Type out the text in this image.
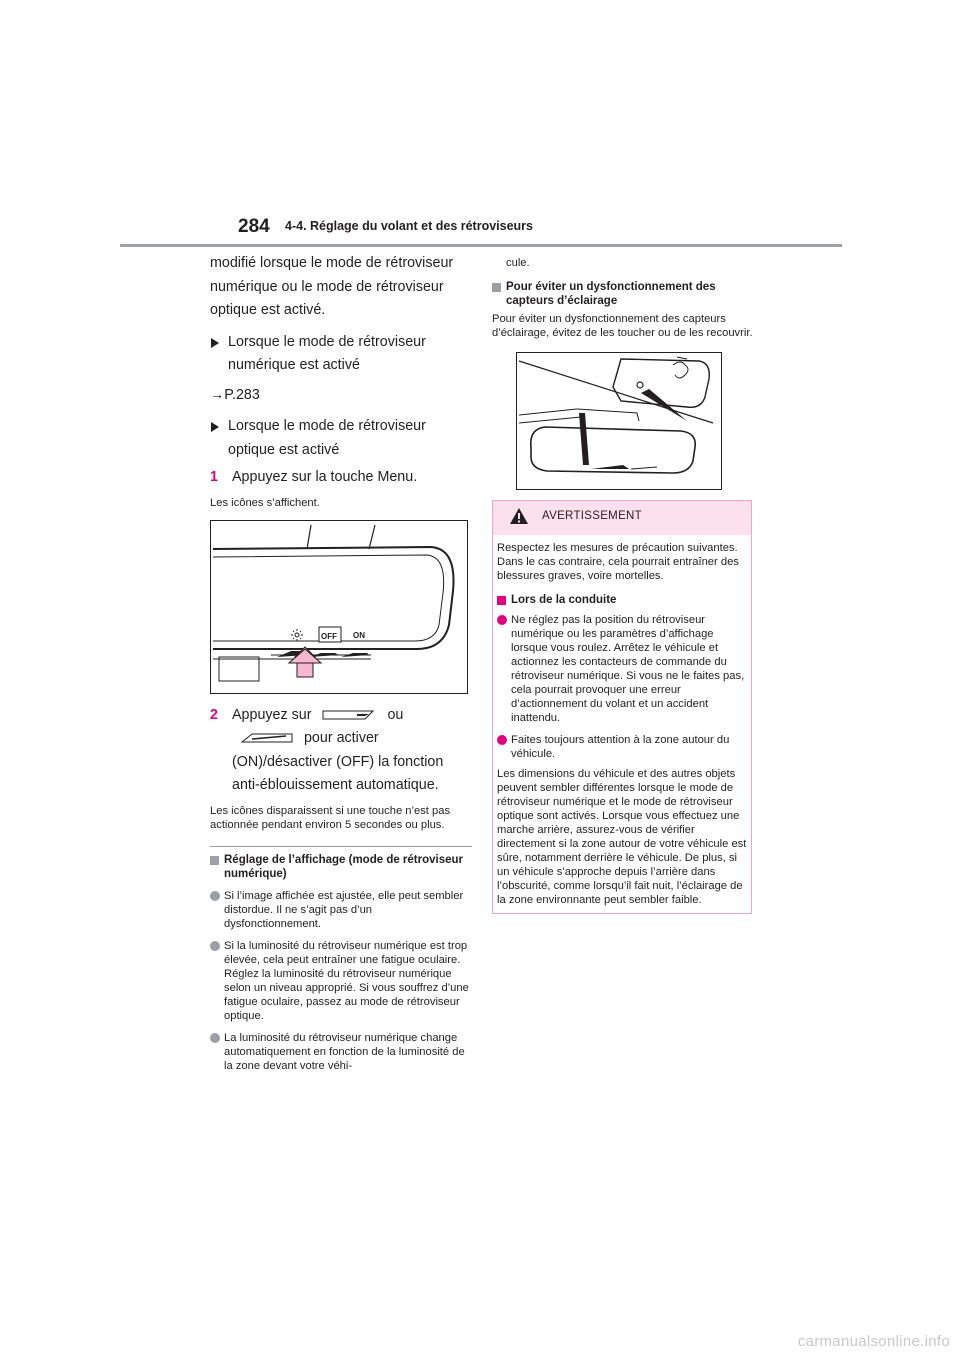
284 4-4. Réglage du volant et des rétroviseurs

modifié lorsque le mode de rétroviseur numérique ou le mode de rétroviseur optique est activé.

Lorsque le mode de rétroviseur numérique est activé

→P.283

Lorsque le mode de rétroviseur optique est activé
1 Appuyez sur la touche Menu.

Les icônes s’affichent.

OFF ON
2 Appuyez sur	ou  pour activer (ON)/désactiver (OFF) la fonction anti-éblouissement automatique.

Les icônes disparaissent si une touche n’est pas actionnée pendant environ 5 secondes ou plus.

Réglage de l’affichage (mode de rétroviseur numérique)
Si l’image affichée est ajustée, elle peut sembler distordue. Il ne s’agit pas d’un dysfonctionnement.
Si la luminosité du rétroviseur numérique est trop élevée, cela peut entraîner une fatigue oculaire. Réglez la luminosité du rétroviseur numérique selon un niveau approprié. Si vous souffrez d’une fatigue oculaire, passez au mode de rétroviseur optique.
La luminosité du rétroviseur numérique change automatiquement en fonction de la luminosité de la zone devant votre véhi-

cule.

Pour éviter un dysfonctionnement des capteurs d’éclairage

Pour éviter un dysfonctionnement des capteurs d’éclairage, évitez de les toucher ou de les recouvrir.

AVERTISSEMENT

Respectez les mesures de précaution suivantes. Dans le cas contraire, cela pourrait entraîner des blessures graves, voire mortelles.

Lors de la conduite
Ne réglez pas la position du rétroviseur numérique ou les paramètres d’affichage lorsque vous roulez. Arrêtez le véhicule et actionnez les contacteurs de commande du rétroviseur numérique. Si vous ne le faites pas, cela pourrait provoquer une erreur d’actionnement du volant et un accident inattendu.
Faites toujours attention à la zone autour du véhicule.

Les dimensions du véhicule et des autres objets peuvent sembler différentes lorsque le mode de rétroviseur numérique et le mode de rétroviseur optique sont activés. Lorsque vous effectuez une marche arrière, assurez-vous de vérifier directement si la zone autour de votre véhicule est sûre, notamment derrière le véhicule. De plus, si un véhicule s’approche depuis l’arrière dans l’obscurité, comme lorsqu’il fait nuit, l’éclairage de la zone environnante peut sembler faible.

carmanualsonline.info
